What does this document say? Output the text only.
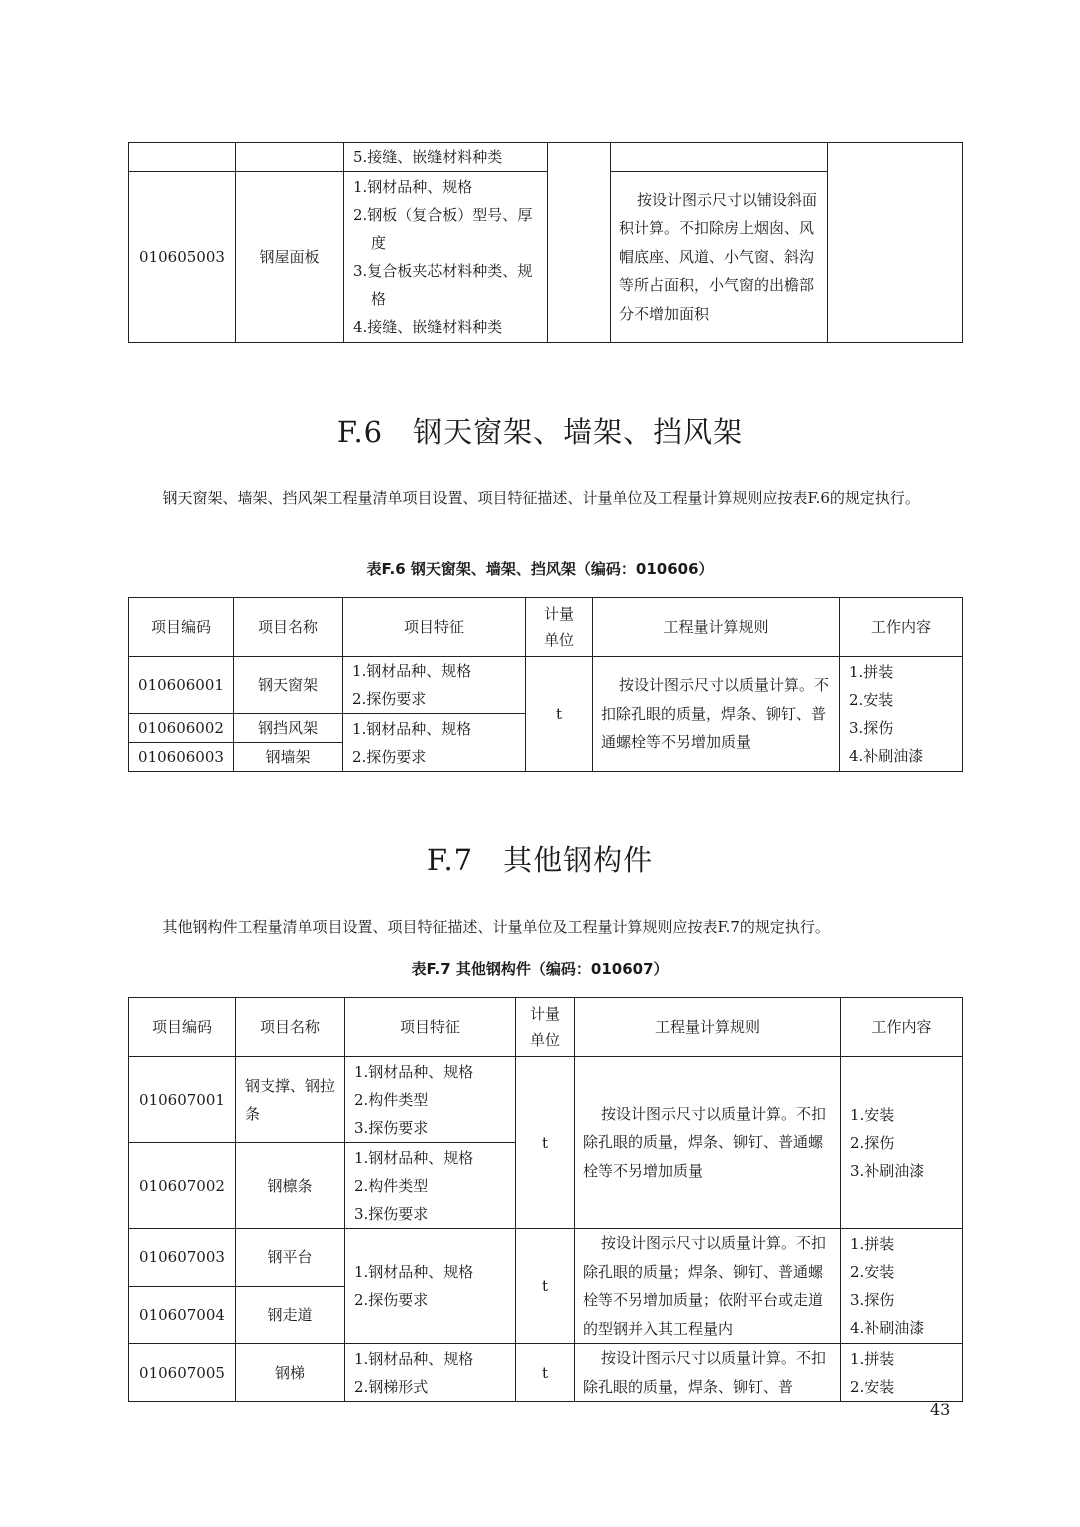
		5.接缝、嵌缝材料种类			
010605003	钢屋面板	1.钢材品种、规格
2.钢板（复合板）型号、厚度
3.复合板夹芯材料种类、规格
4.接缝、嵌缝材料种类		按设计图示尺寸以铺设斜面积计算。不扣除房上烟囱、风帽底座、风道、小气窗、斜沟等所占面积，小气窗的出檐部分不增加面积	
F.6　钢天窗架、墙架、挡风架
钢天窗架、墙架、挡风架工程量清单项目设置、项目特征描述、计量单位及工程量计算规则应按表F.6的规定执行。
表F.6 钢天窗架、墙架、挡风架（编码：010606）
项目编码	项目名称	项目特征	计量单位	工程量计算规则	工作内容
010606001	钢天窗架	1.钢材品种、规格
2.探伤要求	t	按设计图示尺寸以质量计算。不扣除孔眼的质量，焊条、铆钉、普通螺栓等不另增加质量	1.拼装
2.安装
3.探伤
4.补刷油漆

010606002	钢挡风架	1.钢材品种、规格
2.探伤要求			

010606003	钢墙架				
F.7　其他钢构件
其他钢构件工程量清单项目设置、项目特征描述、计量单位及工程量计算规则应按表F.7的规定执行。
表F.7 其他钢构件（编码：010607）
项目编码	项目名称	项目特征	计量单位	工程量计算规则	工作内容
010607001	钢支撑、钢拉条	1.钢材品种、规格
2.构件类型
3.探伤要求	t	按设计图示尺寸以质量计算。不扣除孔眼的质量，焊条、铆钉、普通螺栓等不另增加质量	1.安装
2.探伤
3.补刷油漆

010607002	钢檩条	1.钢材品种、规格
2.构件类型
3.探伤要求			

010607003	钢平台	1.钢材品种、规格
2.探伤要求	t	按设计图示尺寸以质量计算。不扣除孔眼的质量；焊条、铆钉、普通螺栓等不另增加质量；依附平台或走道的型钢并入其工程量内	1.拼装
2.安装
3.探伤
4.补刷油漆

010607004	钢走道				
010607005	钢梯	1.钢材品种、规格
2.钢梯形式	t	按设计图示尺寸以质量计算。不扣除孔眼的质量，焊条、铆钉、普	1.拼装
2.安装
43
